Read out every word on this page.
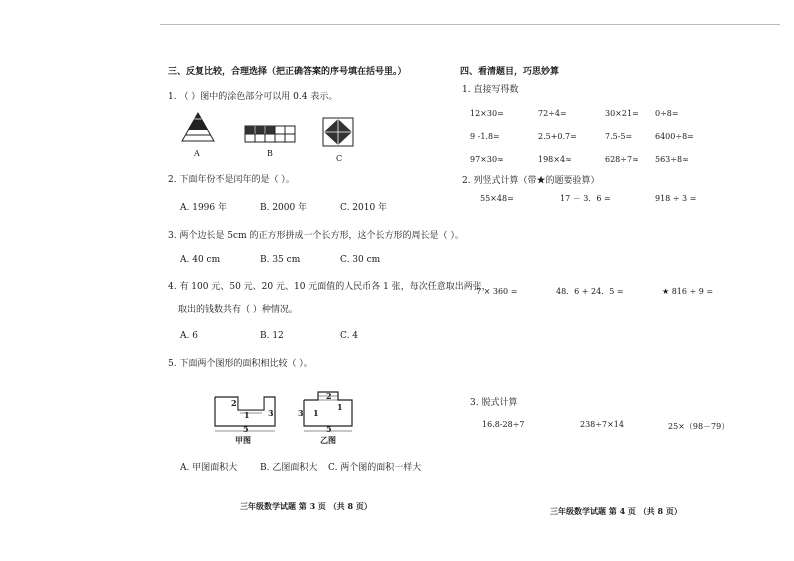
三、反复比较，合理选择（把正确答案的序号填在括号里。）
1. （ ）图中的涂色部分可以用 0.4 表示。
A	B
C
2. 下面年份不是闰年的是（ ）。
A. 1996 年	B. 2000 年	C. 2010 年
3. 两个边长是 5cm 的正方形拼成一个长方形，这个长方形的周长是（ ）。
A. 40 cm	B. 35 cm	C. 30 cm
4. 有 100 元、50 元、20 元、10 元面值的人民币各 1 张，每次任意取出两张，
取出的钱数共有（ ）种情况。
A. 6	B. 12	C. 4
5. 下面两个图形的面积相比较（ ）。
2
1 3
5
甲图
2
3
1
1
5
乙图
A. 甲图面积大	B. 乙图面积大 C. 两个图的面积一样大
三年级数学试题 第 3 页 （共 8 页）
四、看清题目，巧思妙算
1. 直接写得数
12×30=	72÷4=	30×21= 0÷8=
9 -1.8=	2.5+0.7=	7.5-5=	6400÷8=
97×30≈	198×4≈	628÷7≈ 563÷8≈
2. 列竖式计算（带★的题要验算）
55×48=	17 － 3．6 =	918 ÷ 3 =
7 × 360 =	48．6 + 24．5 =	★ 816 ÷ 9 =
3. 脱式计算
16.8-28÷7	238÷7×14	25×（98－79）
三年级数学试题 第 4 页 （共 8 页）
